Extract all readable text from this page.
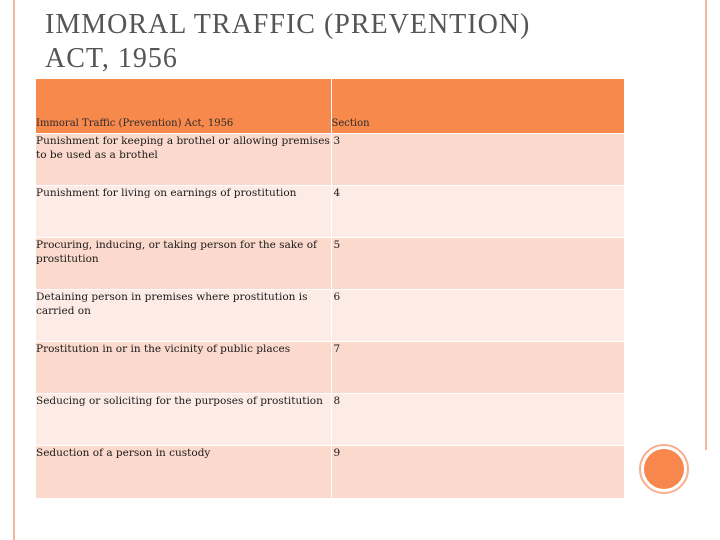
IMMORAL TRAFFIC (PREVENTION)
ACT, 1956
Immoral Traffic (Prevention) Act, 1956	Section
Punishment for keeping a brothel or allowing premises to be used as a brothel	3
Punishment for living on earnings of prostitution	4
Procuring, inducing, or taking person for the sake of prostitution	5
Detaining person in premises where prostitution is carried on	6
Prostitution in or in the vicinity of public places	7
Seducing or soliciting for the purposes of prostitution	8
Seduction of a person in custody	9
